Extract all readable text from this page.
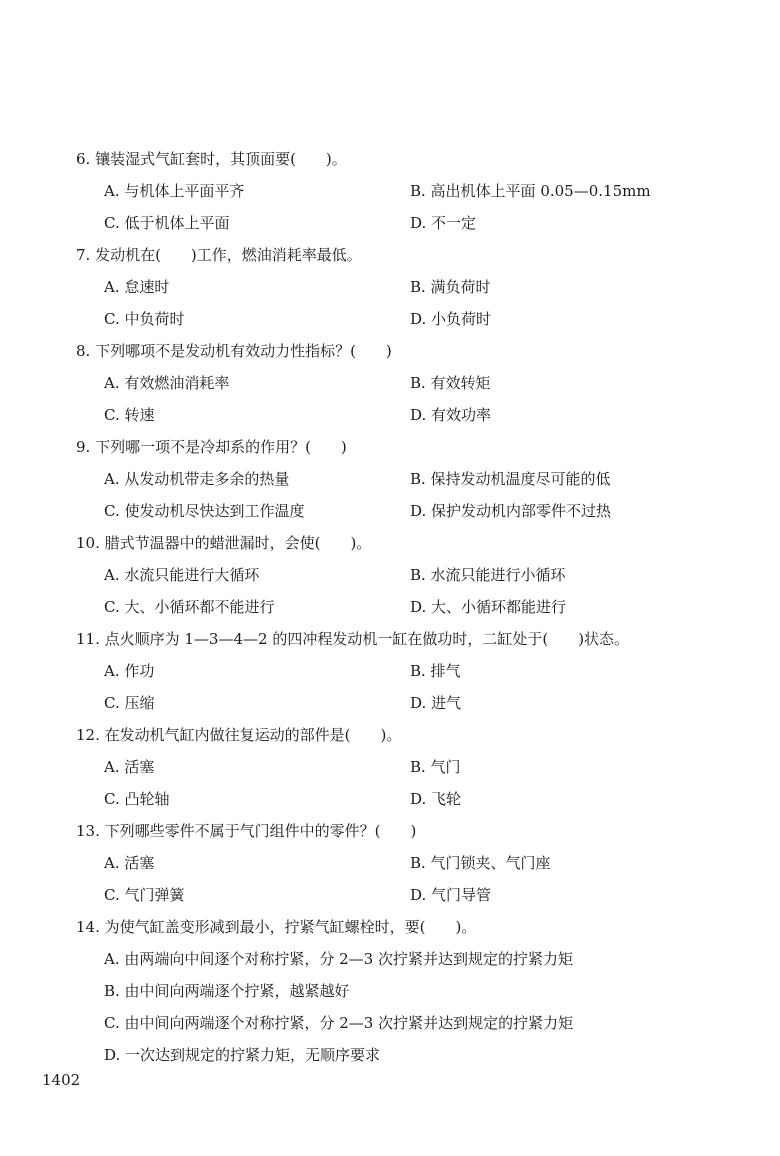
6. 镶装湿式气缸套时，其顶面要(　　)。
A. 与机体上平面平齐	B. 高出机体上平面 0.05—0.15mm
C. 低于机体上平面	D. 不一定
7. 发动机在(　　)工作，燃油消耗率最低。
A. 怠速时	B. 满负荷时
C. 中负荷时	D. 小负荷时
8. 下列哪项不是发动机有效动力性指标？(　　)
A. 有效燃油消耗率	B. 有效转矩
C. 转速	D. 有效功率
9. 下列哪一项不是冷却系的作用？(　　)
A. 从发动机带走多余的热量	B. 保持发动机温度尽可能的低
C. 使发动机尽快达到工作温度	D. 保护发动机内部零件不过热
10. 腊式节温器中的蜡泄漏时，会使(　　)。
A. 水流只能进行大循环	B. 水流只能进行小循环
C. 大、小循环都不能进行	D. 大、小循环都能进行
11. 点火顺序为 1—3—4—2 的四冲程发动机一缸在做功时，二缸处于(　　)状态。
A. 作功	B. 排气
C. 压缩	D. 进气
12. 在发动机气缸内做往复运动的部件是(　　)。
A. 活塞	B. 气门
C. 凸轮轴	D. 飞轮
13. 下列哪些零件不属于气门组件中的零件？(　　)
A. 活塞	B. 气门锁夹、气门座
C. 气门弹簧	D. 气门导管
14. 为使气缸盖变形减到最小，拧紧气缸螺栓时，要(　　)。
A. 由两端向中间逐个对称拧紧，分 2—3 次拧紧并达到规定的拧紧力矩
B. 由中间向两端逐个拧紧，越紧越好
C. 由中间向两端逐个对称拧紧，分 2—3 次拧紧并达到规定的拧紧力矩
D. 一次达到规定的拧紧力矩，无顺序要求
1402
